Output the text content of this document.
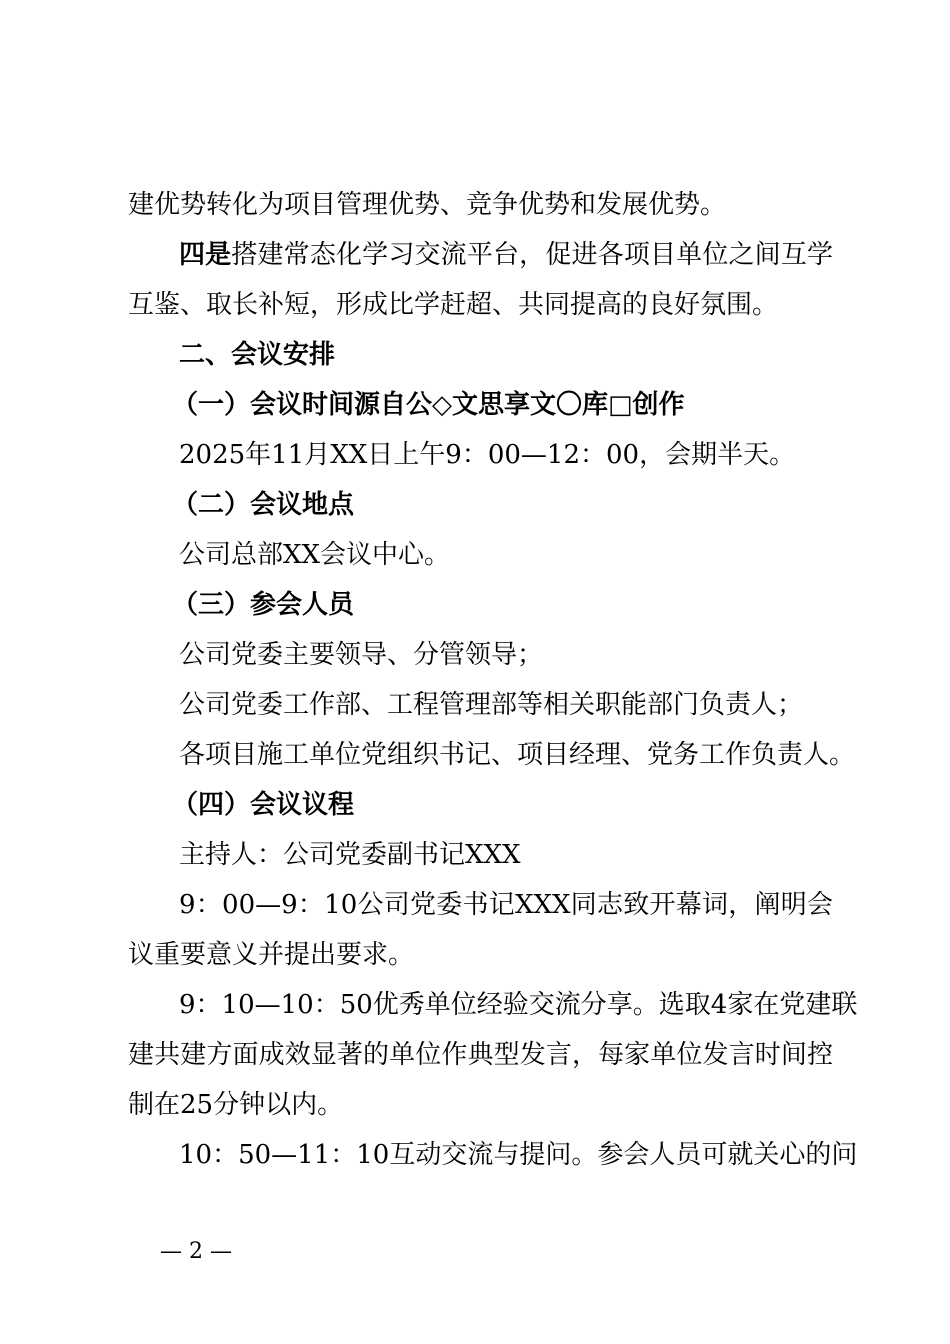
建优势转化为项目管理优势、竞争优势和发展优势。

四是搭建常态化学习交流平台，促进各项目单位之间互学

互鉴、取长补短，形成比学赶超、共同提高的良好氛围。

二、会议安排

（一）会议时间源自公◇文思享文〇库□创作

2025年11月XX日上午9：00—12：00，会期半天。

（二）会议地点

公司总部XX会议中心。

（三）参会人员

公司党委主要领导、分管领导；

公司党委工作部、工程管理部等相关职能部门负责人；

各项目施工单位党组织书记、项目经理、党务工作负责人。

（四）会议议程

主持人：公司党委副书记XXX

9：00—9：10公司党委书记XXX同志致开幕词，阐明会

议重要意义并提出要求。

9：10—10：50优秀单位经验交流分享。选取4家在党建联

建共建方面成效显著的单位作典型发言，每家单位发言时间控

制在25分钟以内。

10：50—11：10互动交流与提问。参会人员可就关心的问

— 2 —
